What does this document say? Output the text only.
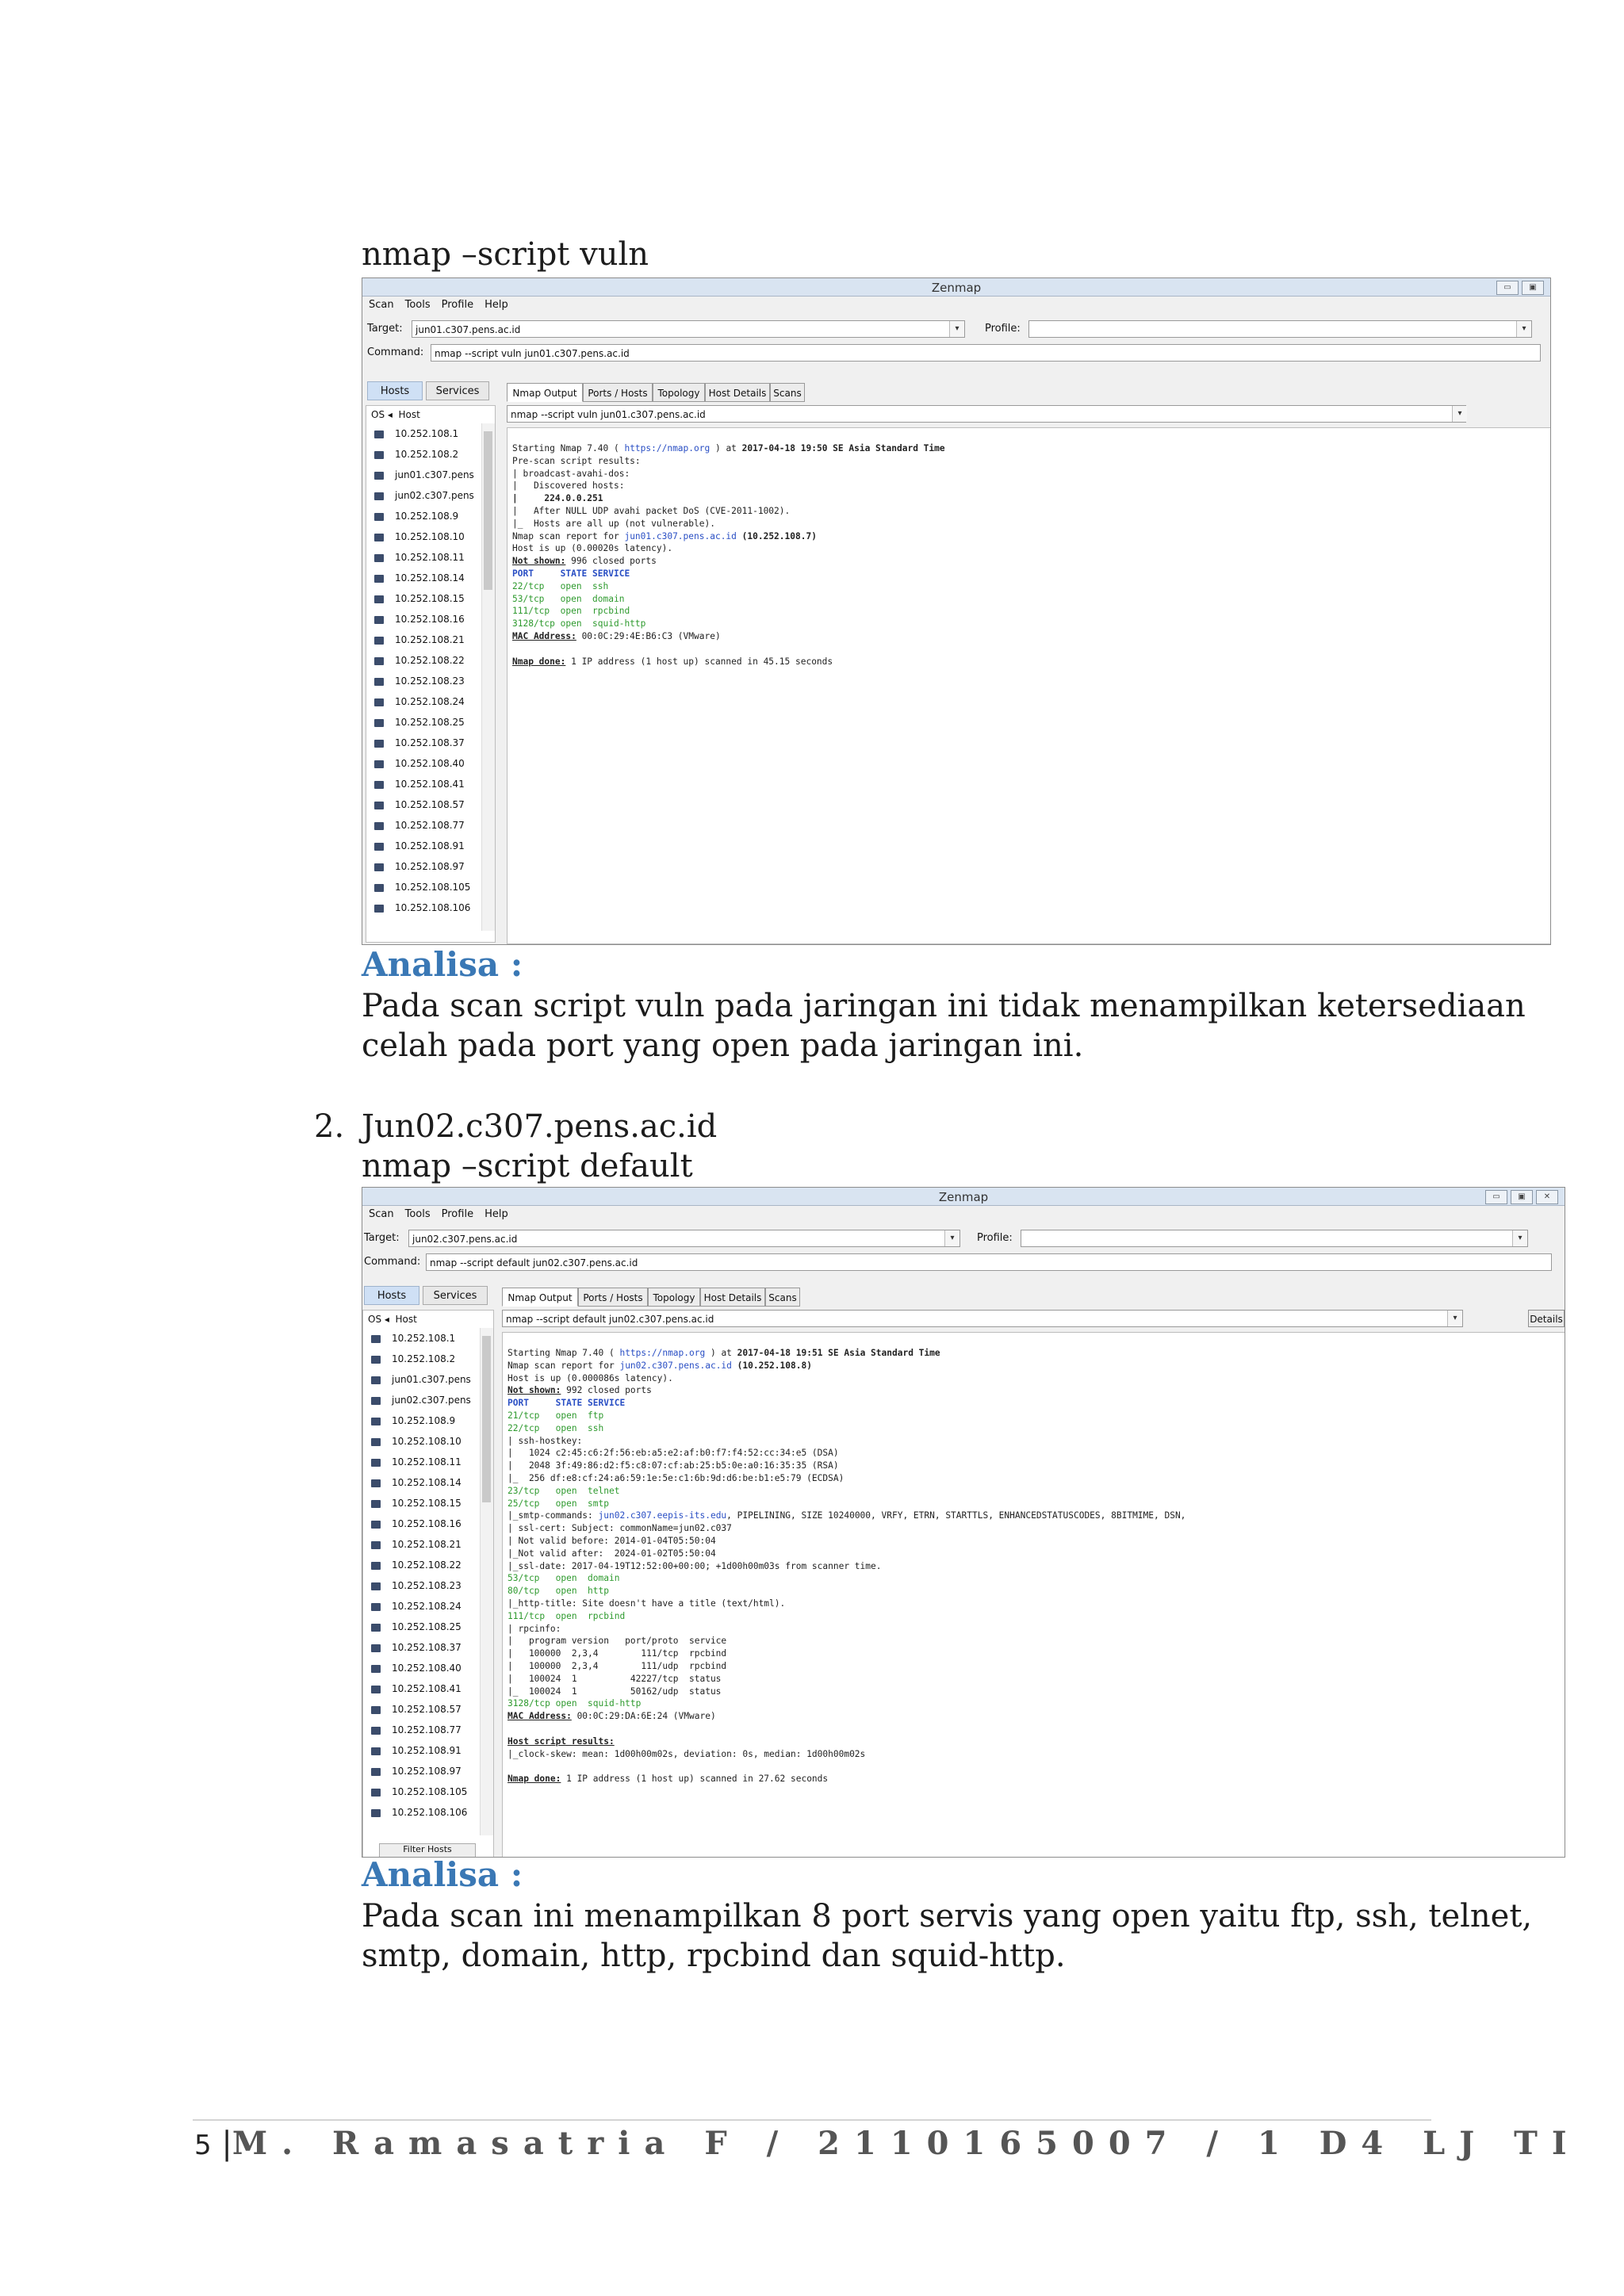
nmap –script vuln
Zenmap	▭	▣
Scan Tools Profile Help
Target:	jun01.c307.pens.ac.id	▾	Profile:	▾
Command:	nmap --script vuln jun01.c307.pens.ac.id
Hosts	Services
OS ◂  Host
10.252.108.1
10.252.108.2
jun01.c307.pens
jun02.c307.pens
10.252.108.9
10.252.108.10
10.252.108.11
10.252.108.14
10.252.108.15
10.252.108.16
10.252.108.21
10.252.108.22
10.252.108.23
10.252.108.24
10.252.108.25
10.252.108.37
10.252.108.40
10.252.108.41
10.252.108.57
10.252.108.77
10.252.108.91
10.252.108.97
10.252.108.105
10.252.108.106
Nmap Output	Ports / Hosts	Topology Host Details Scans
nmap --script vuln jun01.c307.pens.ac.id	▾
Starting Nmap 7.40 ( https://nmap.org ) at 2017-04-18 19:50 SE Asia Standard Time
Pre-scan script results:
| broadcast-avahi-dos:
|   Discovered hosts:
|     224.0.0.251
|   After NULL UDP avahi packet DoS (CVE-2011-1002).
|_  Hosts are all up (not vulnerable).
Nmap scan report for jun01.c307.pens.ac.id (10.252.108.7)
Host is up (0.00020s latency).
Not shown: 996 closed ports
PORT     STATE SERVICE
22/tcp   open  ssh
53/tcp   open  domain
111/tcp  open  rpcbind
3128/tcp open  squid-http
MAC Address: 00:0C:29:4E:B6:C3 (VMware)

Nmap done: 1 IP address (1 host up) scanned in 45.15 seconds
Analisa :
Pada scan script vuln pada jaringan ini tidak menampilkan ketersediaan
celah pada port yang open pada jaringan ini.
2. Jun02.c307.pens.ac.id
nmap –script default
Zenmap	▭	▣	✕
Scan Tools Profile Help
Target:	jun02.c307.pens.ac.id	▾	Profile:	▾
Command: nmap --script default jun02.c307.pens.ac.id
Hosts	Services
OS ◂  Host
10.252.108.1
10.252.108.2
jun01.c307.pens
jun02.c307.pens
10.252.108.9
10.252.108.10
10.252.108.11
10.252.108.14
10.252.108.15
10.252.108.16
10.252.108.21
10.252.108.22
10.252.108.23
10.252.108.24
10.252.108.25
10.252.108.37
10.252.108.40
10.252.108.41
10.252.108.57
10.252.108.77
10.252.108.91
10.252.108.97
10.252.108.105
10.252.108.106
Filter Hosts
Nmap Output	Ports / Hosts	Topology Host Details Scans
nmap --script default jun02.c307.pens.ac.id	▾	Details
Starting Nmap 7.40 ( https://nmap.org ) at 2017-04-18 19:51 SE Asia Standard Time
Nmap scan report for jun02.c307.pens.ac.id (10.252.108.8)
Host is up (0.000086s latency).
Not shown: 992 closed ports
PORT     STATE SERVICE
21/tcp   open  ftp
22/tcp   open  ssh
| ssh-hostkey:
|   1024 c2:45:c6:2f:56:eb:a5:e2:af:b0:f7:f4:52:cc:34:e5 (DSA)
|   2048 3f:49:86:d2:f5:c8:07:cf:ab:25:b5:0e:a0:16:35:35 (RSA)
|_  256 df:e8:cf:24:a6:59:1e:5e:c1:6b:9d:d6:be:b1:e5:79 (ECDSA)
23/tcp   open  telnet
25/tcp   open  smtp
|_smtp-commands: jun02.c307.eepis-its.edu, PIPELINING, SIZE 10240000, VRFY, ETRN, STARTTLS, ENHANCEDSTATUSCODES, 8BITMIME, DSN,
| ssl-cert: Subject: commonName=jun02.c037
| Not valid before: 2014-01-04T05:50:04
|_Not valid after:  2024-01-02T05:50:04
|_ssl-date: 2017-04-19T12:52:00+00:00; +1d00h00m03s from scanner time.
53/tcp   open  domain
80/tcp   open  http
|_http-title: Site doesn't have a title (text/html).
111/tcp  open  rpcbind
| rpcinfo:
|   program version   port/proto  service
|   100000  2,3,4        111/tcp  rpcbind
|   100000  2,3,4        111/udp  rpcbind
|   100024  1          42227/tcp  status
|_  100024  1          50162/udp  status
3128/tcp open  squid-http
MAC Address: 00:0C:29:DA:6E:24 (VMware)

Host script results:
|_clock-skew: mean: 1d00h00m02s, deviation: 0s, median: 1d00h00m02s

Nmap done: 1 IP address (1 host up) scanned in 27.62 seconds
Analisa :
Pada scan ini menampilkan 8 port servis yang open yaitu ftp, ssh, telnet,
smtp, domain, http, rpcbind dan squid-http.
5 |M. Ramasatria F / 2110165007 / 1 D4 LJ TI
